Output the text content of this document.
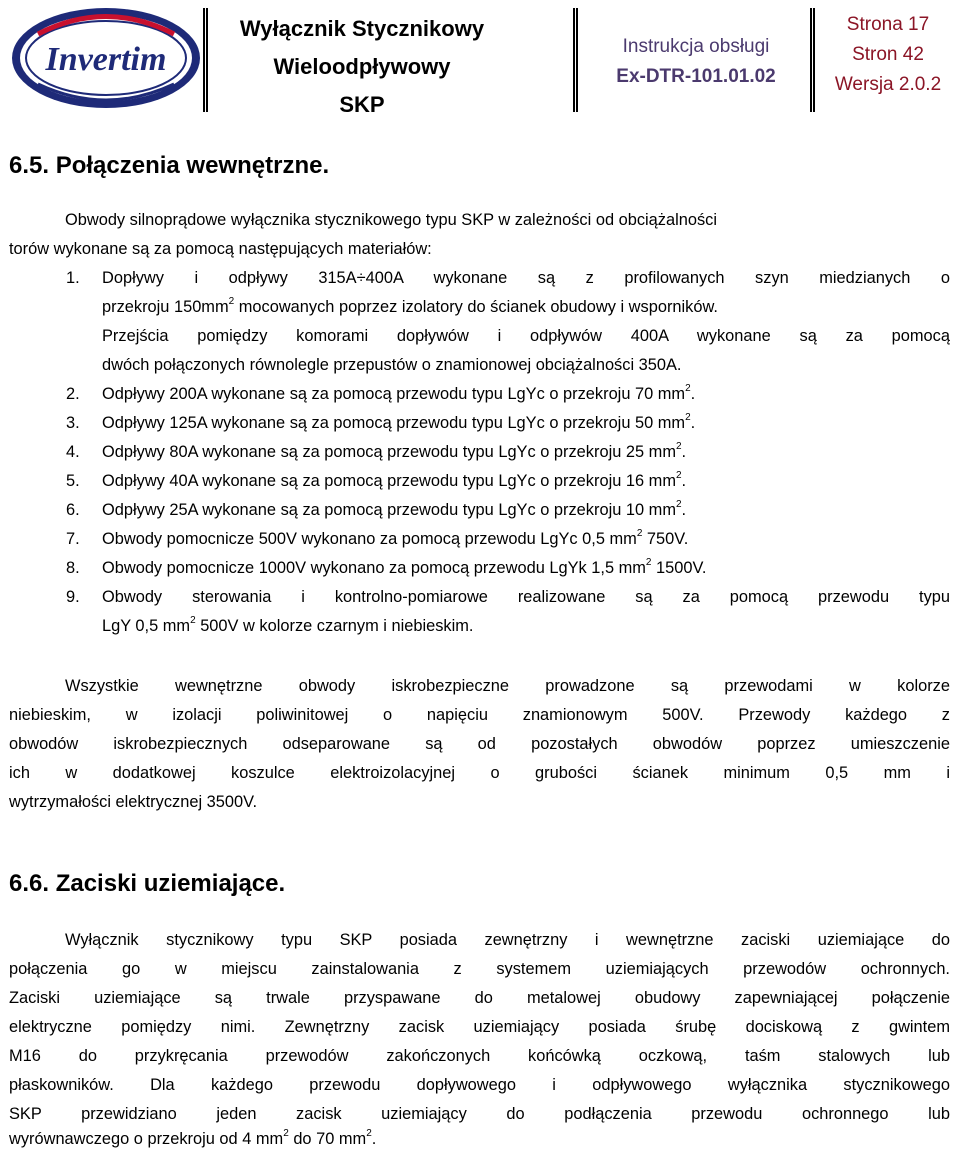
Invertim
Wyłącznik Stycznikowy
Wieloodpływowy
SKP
Instrukcja obsługi
Ex-DTR-101.01.02
Strona 17
Stron 42
Wersja 2.0.2
6.5. Połączenia wewnętrzne.
Obwody silnoprądowe wyłącznika stycznikowego typu SKP w zależności od obciążalności
torów wykonane są za pomocą następujących materiałów:
1. Dopływy i odpływy 315A÷400A wykonane są z profilowanych szyn miedzianych o
przekroju $150mm^2$ mocowanych poprzez izolatory do ścianek obudowy i wsporników.
Przejścia pomiędzy komorami dopływów i odpływów 400A wykonane są za pomocą
dwóch połączonych równolegle przepustów o znamionowej obciążalności 350A.
2. Odpływy 200A wykonane są za pomocą przewodu typu LgYc o przekroju 70 $mm^2$.
3. Odpływy 125A wykonane są za pomocą przewodu typu LgYc o przekroju 50 $mm^2$.
4. Odpływy 80A wykonane są za pomocą przewodu typu LgYc o przekroju 25 $mm^2$.
5. Odpływy 40A wykonane są za pomocą przewodu typu LgYc o przekroju 16 $mm^2$.
6. Odpływy 25A wykonane są za pomocą przewodu typu LgYc o przekroju 10 $mm^2$.
7. Obwody pomocnicze 500V wykonano za pomocą przewodu LgYc 0,5 $mm^2$ 750V.
8. Obwody pomocnicze 1000V wykonano za pomocą przewodu LgYk 1,5 $mm^2$ 1500V.
9. Obwody sterowania i kontrolno-pomiarowe realizowane są za pomocą przewodu typu
LgY 0,5 $mm^2$ 500V w kolorze czarnym i niebieskim.
Wszystkie wewnętrzne obwody iskrobezpieczne prowadzone są przewodami w kolorze
niebieskim, w izolacji poliwinitowej o napięciu znamionowym 500V. Przewody każdego z
obwodów iskrobezpiecznych odseparowane są od pozostałych obwodów poprzez umieszczenie
ich w dodatkowej koszulce elektroizolacyjnej o grubości ścianek minimum 0,5 mm i
wytrzymałości elektrycznej 3500V.
6.6. Zaciski uziemiające.
Wyłącznik stycznikowy typu SKP posiada zewnętrzny i wewnętrzne zaciski uziemiające do
połączenia go w miejscu zainstalowania z systemem uziemiających przewodów ochronnych.
Zaciski uziemiające są trwale przyspawane do metalowej obudowy zapewniającej połączenie
elektryczne pomiędzy nimi. Zewnętrzny zacisk uziemiający posiada śrubę dociskową z gwintem
M16 do przykręcania przewodów zakończonych końcówką oczkową, taśm stalowych lub
płaskowników. Dla każdego przewodu dopływowego i odpływowego wyłącznika stycznikowego
SKP przewidziano jeden zacisk uziemiający do podłączenia przewodu ochronnego lub
wyrównawczego o przekroju od 4 $mm^2$ do 70 $mm^2$.
